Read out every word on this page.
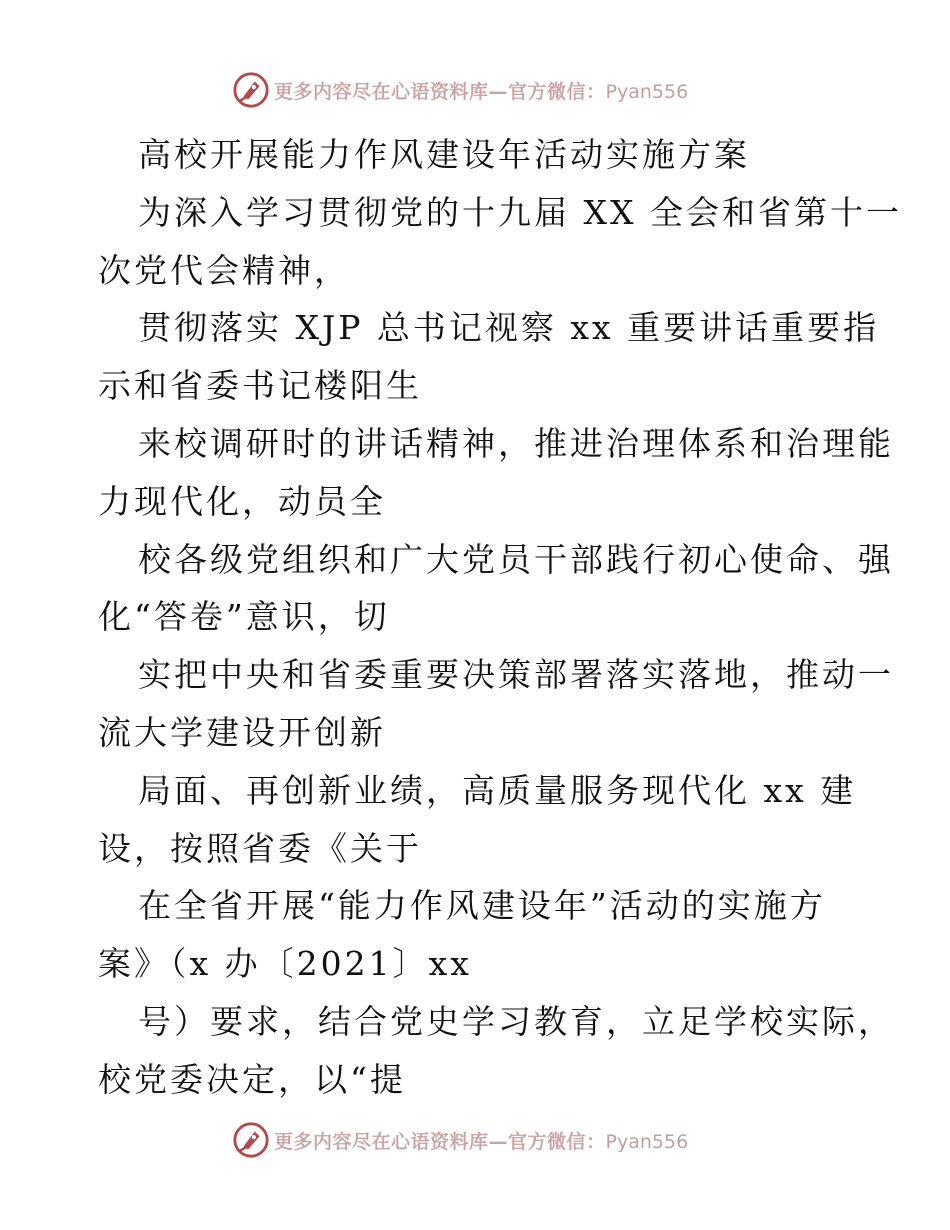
更多内容尽在心语资料库—官方微信：Pyan556
高校开展能力作风建设年活动实施方案
为深入学习贯彻党的十九届 XX 全会和省第十一
次党代会精神，
贯彻落实 XJP 总书记视察 xx 重要讲话重要指
示和省委书记楼阳生
来校调研时的讲话精神，推进治理体系和治理能
力现代化，动员全
校各级党组织和广大党员干部践行初心使命、强
化“答卷”意识，切
实把中央和省委重要决策部署落实落地，推动一
流大学建设开创新
局面、再创新业绩，高质量服务现代化 xx 建
设，按照省委《关于
在全省开展“能力作风建设年”活动的实施方
案》（x 办〔2021〕xx
号）要求，结合党史学习教育，立足学校实际，
校党委决定，以“提
更多内容尽在心语资料库—官方微信：Pyan556
